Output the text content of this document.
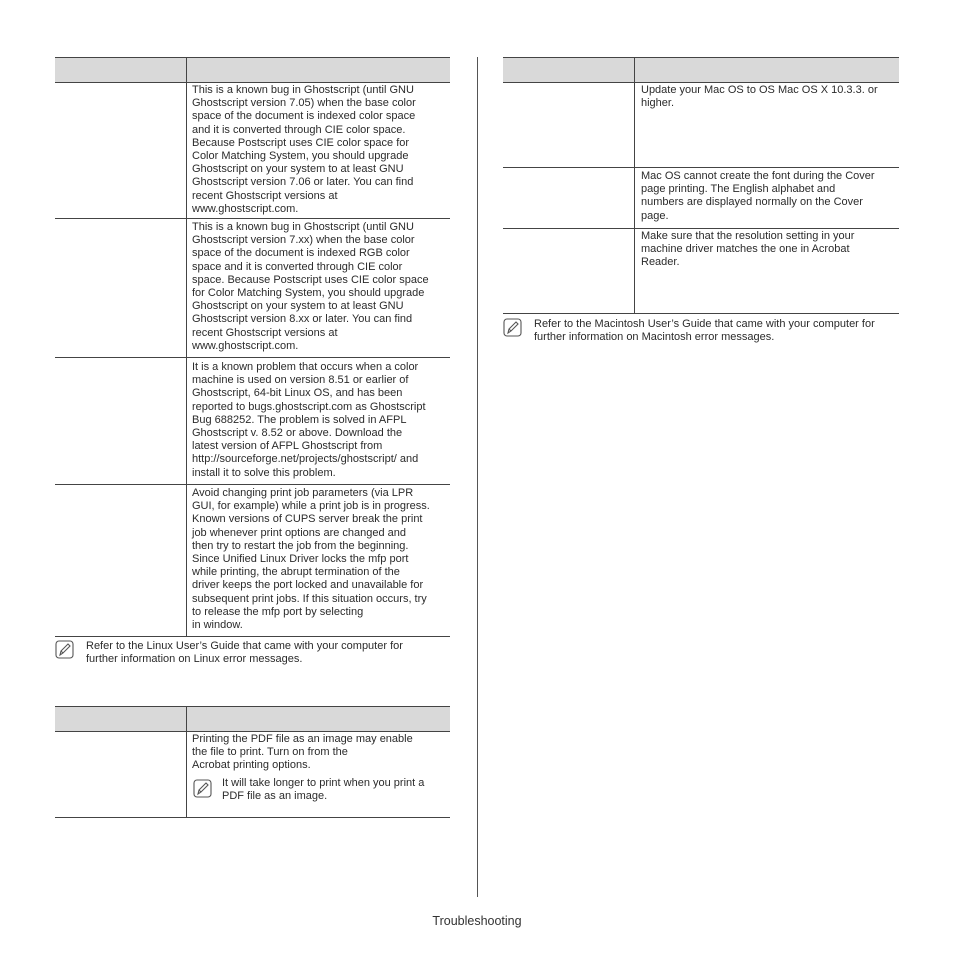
This is a known bug in Ghostscript (until GNU
Ghostscript version 7.05) when the base color
space of the document is indexed color space
and it is converted through CIE color space.
Because Postscript uses CIE color space for
Color Matching System, you should upgrade
Ghostscript on your system to at least GNU
Ghostscript version 7.06 or later. You can find
recent Ghostscript versions at
www.ghostscript.com.
This is a known bug in Ghostscript (until GNU
Ghostscript version 7.xx) when the base color
space of the document is indexed RGB color
space and it is converted through CIE color
space. Because Postscript uses CIE color space
for Color Matching System, you should upgrade
Ghostscript on your system to at least GNU
Ghostscript version 8.xx or later. You can find
recent Ghostscript versions at
www.ghostscript.com.
It is a known problem that occurs when a color
machine is used on version 8.51 or earlier of
Ghostscript, 64-bit Linux OS, and has been
reported to bugs.ghostscript.com as Ghostscript
Bug 688252. The problem is solved in AFPL
Ghostscript v. 8.52 or above. Download the
latest version of AFPL Ghostscript from
http://sourceforge.net/projects/ghostscript/ and
install it to solve this problem.
Avoid changing print job parameters (via LPR
GUI, for example) while a print job is in progress.
Known versions of CUPS server break the print
job whenever print options are changed and
then try to restart the job from the beginning.
Since Unified Linux Driver locks the mfp port
while printing, the abrupt termination of the
driver keeps the port locked and unavailable for
subsequent print jobs. If this situation occurs, try
to release the mfp port by selecting
in window.
Refer to the Linux User’s Guide that came with your computer for
further information on Linux error messages.
Printing the PDF file as an image may enable
the file to print. Turn on from the
Acrobat printing options.
It will take longer to print when you print a
PDF file as an image.
Update your Mac OS to OS Mac OS X 10.3.3. or
higher.
Mac OS cannot create the font during the Cover
page printing. The English alphabet and
numbers are displayed normally on the Cover
page.
Make sure that the resolution setting in your
machine driver matches the one in Acrobat
Reader.
Refer to the Macintosh User’s Guide that came with your computer for
further information on Macintosh error messages.
Troubleshooting
